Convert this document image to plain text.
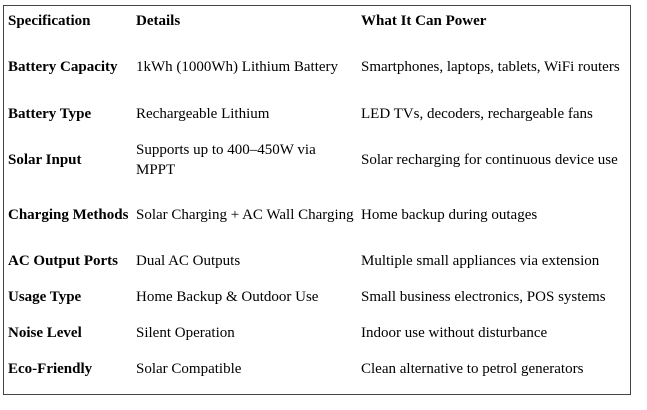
Specification	Details	What It Can Power
Battery Capacity	1kWh (1000Wh) Lithium Battery	Smartphones, laptops, tablets, WiFi routers
Battery Type	Rechargeable Lithium	LED TVs, decoders, rechargeable fans
Solar Input	Supports up to 400–450W via MPPT	Solar recharging for continuous device use
Charging Methods	Solar Charging + AC Wall Charging	Home backup during outages
AC Output Ports	Dual AC Outputs	Multiple small appliances via extension
Usage Type	Home Backup & Outdoor Use	Small business electronics, POS systems
Noise Level	Silent Operation	Indoor use without disturbance
Eco-Friendly	Solar Compatible	Clean alternative to petrol generators
